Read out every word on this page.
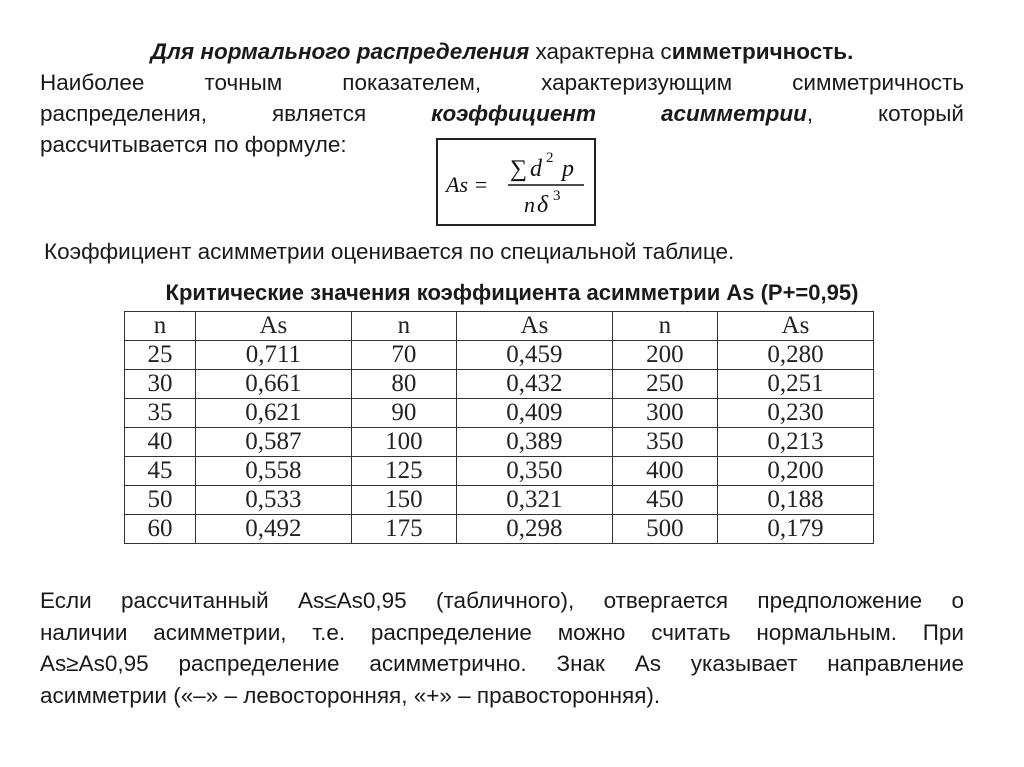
Для нормального распределения характерна симметричность.
Наиболее точным показателем, характеризующим симметричность
распределения, является коэффициент асимметрии, который
рассчитывается по формуле:
As =
∑ d 2 p
n δ 3
Коэффициент асимметрии оценивается по специальной таблице.
Критические значения коэффициента асимметрии As (P+=0,95)
n	As	n	As	n	As
25	0,711	70	0,459	200	0,280
30	0,661	80	0,432	250	0,251
35	0,621	90	0,409	300	0,230
40	0,587	100	0,389	350	0,213
45	0,558	125	0,350	400	0,200
50	0,533	150	0,321	450	0,188
60	0,492	175	0,298	500	0,179
Если рассчитанный As≤As0,95 (табличного), отвергается предположение о
наличии асимметрии, т.е. распределение можно считать нормальным. При
As≥As0,95 распределение асимметрично. Знак As указывает направление
асимметрии («–» – левосторонняя, «+» – правосторонняя).
